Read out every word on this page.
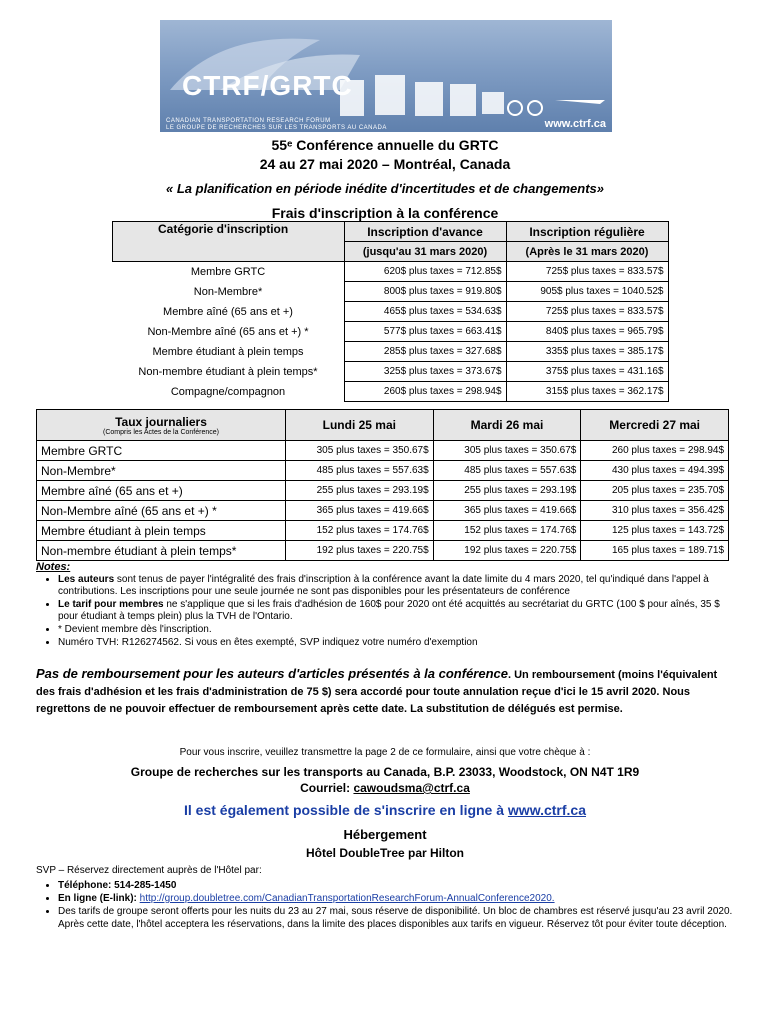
CTRF/GRTC
CANADIAN TRANSPORTATION RESEARCH FORUM
LE GROUPE DE RECHERCHES SUR LES TRANSPORTS AU CANADA	www.ctrf.ca
55ᵉ Conférence annuelle du GRTC
24 au 27 mai 2020 – Montréal, Canada
« La planification en période inédite d'incertitudes et de changements»
Frais d'inscription à la conférence
Catégorie d'inscription	Inscription d'avance	Inscription régulière
	(jusqu'au 31 mars 2020)	(Après le 31 mars 2020)
Membre GRTC	620$ plus taxes = 712.85$	725$ plus taxes = 833.57$
Non-Membre*	800$ plus taxes = 919.80$	905$ plus taxes = 1040.52$
Membre aîné (65 ans et +)	465$ plus taxes = 534.63$	725$ plus taxes = 833.57$
Non-Membre aîné (65 ans et +) *	577$ plus taxes = 663.41$	840$ plus taxes = 965.79$
Membre étudiant à plein temps	285$ plus taxes = 327.68$	335$ plus taxes = 385.17$
Non-membre étudiant à plein temps*	325$ plus taxes = 373.67$	375$ plus taxes = 431.16$
Compagne/compagnon	260$ plus taxes = 298.94$	315$ plus taxes = 362.17$
Taux journaliers
(Compris les Actes de la Conférence)	Lundi 25 mai	Mardi 26 mai	Mercredi 27 mai
Membre GRTC	305 plus taxes = 350.67$	305 plus taxes = 350.67$	260 plus taxes = 298.94$
Non-Membre*	485 plus taxes = 557.63$	485 plus taxes = 557.63$	430 plus taxes = 494.39$
Membre aîné (65 ans et +)	255 plus taxes = 293.19$	255 plus taxes = 293.19$	205 plus taxes = 235.70$
Non-Membre aîné (65 ans et +) *	365 plus taxes = 419.66$	365 plus taxes = 419.66$	310 plus taxes = 356.42$
Membre étudiant à plein temps	152 plus taxes = 174.76$	152 plus taxes = 174.76$	125 plus taxes = 143.72$
Non-membre étudiant à plein temps*	192 plus taxes = 220.75$	192 plus taxes = 220.75$	165 plus taxes = 189.71$
Notes:
• Les auteurs sont tenus de payer l'intégralité des frais d'inscription à la conférence avant la date limite du 4 mars 2020, tel qu'indiqué dans l'appel à contributions. Les inscriptions pour une seule journée ne sont pas disponibles pour les présentateurs de conférence
• Le tarif pour membres ne s'applique que si les frais d'adhésion de 160$ pour 2020 ont été acquittés au secrétariat du GRTC (100 $ pour aînés, 35 $ pour étudiant à temps plein) plus la TVH de l'Ontario.
• * Devient membre dès l'inscription.
• Numéro TVH: R126274562. Si vous en êtes exempté, SVP indiquez votre numéro d'exemption
Pas de remboursement pour les auteurs d'articles présentés à la conférence. Un remboursement (moins l'équivalent des frais d'adhésion et les frais d'administration de 75 $) sera accordé pour toute annulation reçue d'ici le 15 avril 2020. Nous regrettons de ne pouvoir effectuer de remboursement après cette date. La substitution de délégués est permise.
Pour vous inscrire, veuillez transmettre la page 2 de ce formulaire, ainsi que votre chèque à :
Groupe de recherches sur les transports au Canada, B.P. 23033, Woodstock, ON N4T 1R9
Courriel: cawoudsma@ctrf.ca
Il est également possible de s'inscrire en ligne à www.ctrf.ca
Hébergement
Hôtel DoubleTree par Hilton
SVP – Réservez directement auprès de l'Hôtel par:
• Téléphone: 514-285-1450
• En ligne (E-link): http://group.doubletree.com/CanadianTransportationResearchForum-AnnualConference2020.
• Des tarifs de groupe seront offerts pour les nuits du 23 au 27 mai, sous réserve de disponibilité. Un bloc de chambres est réservé jusqu'au 23 avril 2020. Après cette date, l'hôtel acceptera les réservations, dans la limite des places disponibles aux tarifs en vigueur. Réservez tôt pour éviter toute déception.
